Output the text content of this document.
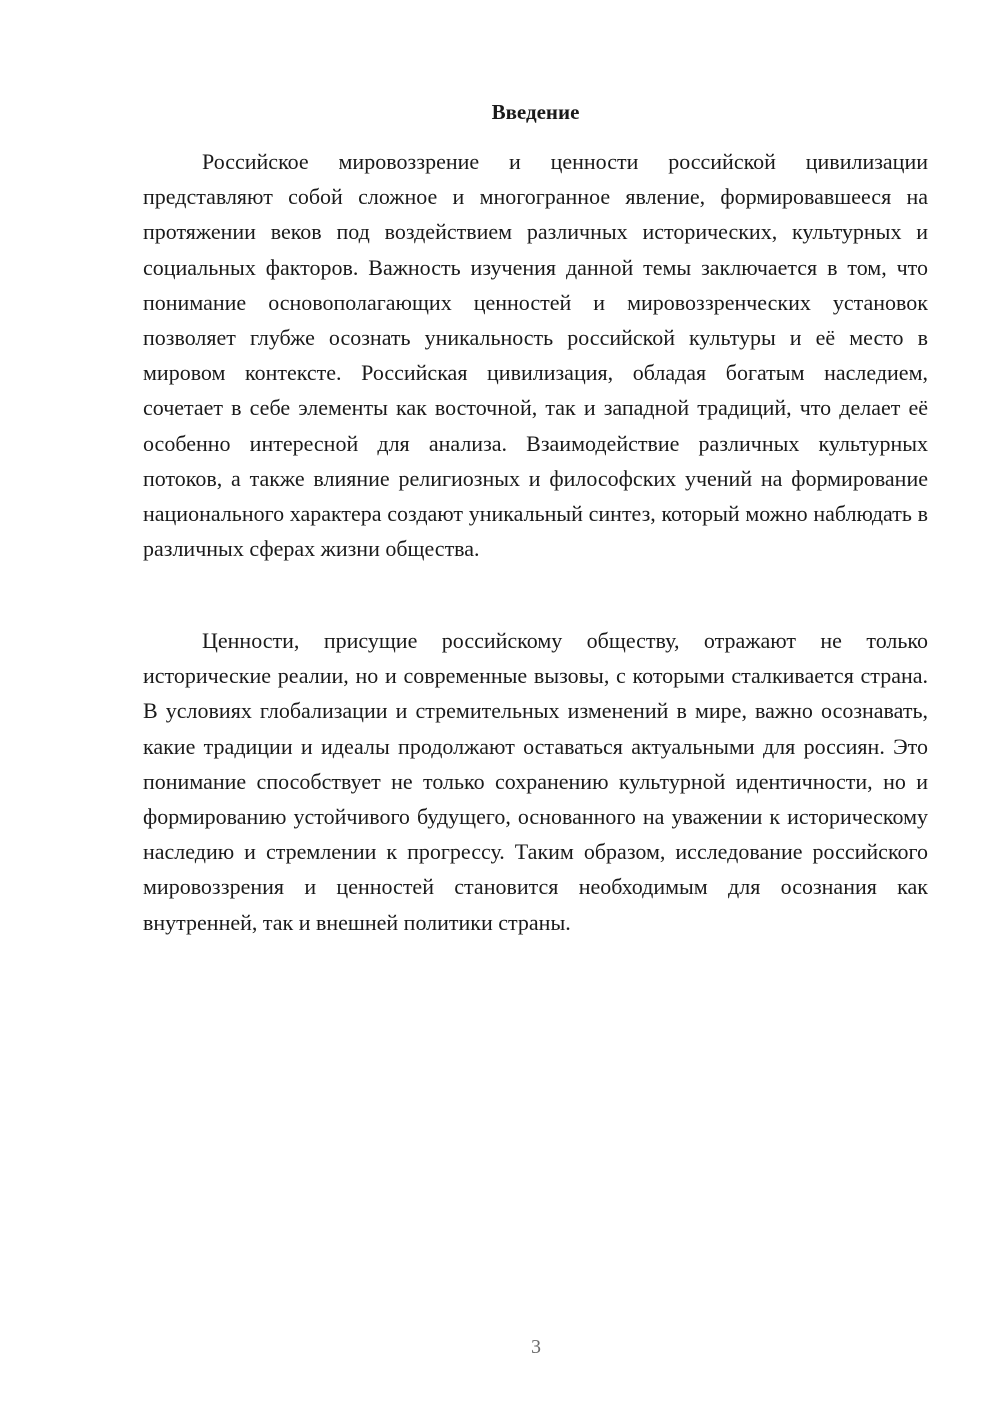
Введение

Российское мировоззрение и ценности российской цивилизации представляют собой сложное и многогранное явление, формировавшееся на протяжении веков под воздействием различных исторических, культурных и социальных факторов. Важность изучения данной темы заключается в том, что понимание основополагающих ценностей и мировоззренческих установок позволяет глубже осознать уникальность российской культуры и её место в мировом контексте. Российская цивилизация, обладая богатым наследием, сочетает в себе элементы как восточной, так и западной традиций, что делает её особенно интересной для анализа. Взаимодействие различных культурных потоков, а также влияние религиозных и философских учений на формирование национального характера создают уникальный синтез, который можно наблюдать в различных сферах жизни общества.

Ценности, присущие российскому обществу, отражают не только исторические реалии, но и современные вызовы, с которыми сталкивается страна. В условиях глобализации и стремительных изменений в мире, важно осознавать, какие традиции и идеалы продолжают оставаться актуальными для россиян. Это понимание способствует не только сохранению культурной идентичности, но и формированию устойчивого будущего, основанного на уважении к историческому наследию и стремлении к прогрессу. Таким образом, исследование российского мировоззрения и ценностей становится необходимым для осознания как внутренней, так и внешней политики страны.

3
